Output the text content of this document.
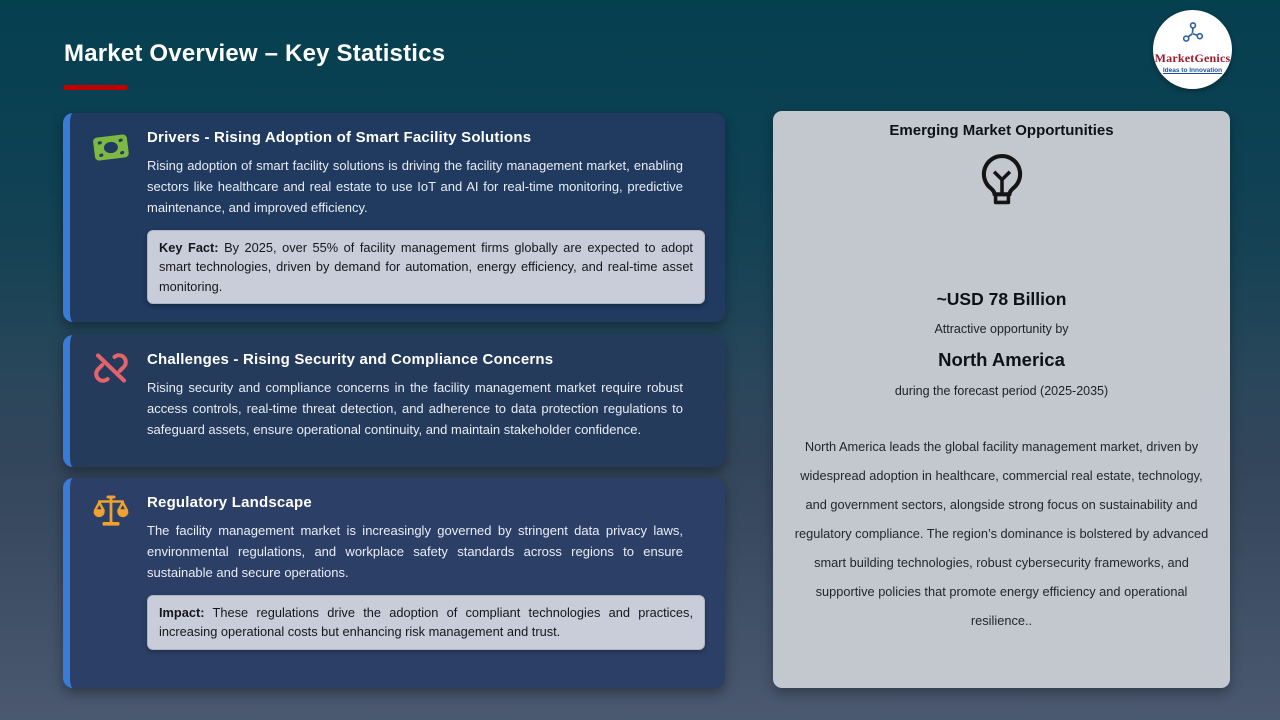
Market Overview – Key Statistics	MarketGenics
Ideas to Innovation
Drivers - Rising Adoption of Smart Facility Solutions

Rising adoption of smart facility solutions is driving the facility management market, enabling sectors like healthcare and real estate to use IoT and AI for real-time monitoring, predictive maintenance, and improved efficiency.

Key Fact: By 2025, over 55% of facility management firms globally are expected to adopt smart technologies, driven by demand for automation, energy efficiency, and real-time asset monitoring.
Challenges - Rising Security and Compliance Concerns

Rising security and compliance concerns in the facility management market require robust access controls, real-time threat detection, and adherence to data protection regulations to safeguard assets, ensure operational continuity, and maintain stakeholder confidence.

Regulatory Landscape

The facility management market is increasingly governed by stringent data privacy laws, environmental regulations, and workplace safety standards across regions to ensure sustainable and secure operations.

Impact: These regulations drive the adoption of compliant technologies and practices, increasing operational costs but enhancing risk management and trust.
Emerging Market Opportunities
~USD 78 Billion
Attractive opportunity by
North America
during the forecast period (2025-2035)

North America leads the global facility management market, driven by widespread adoption in healthcare, commercial real estate, technology, and government sectors, alongside strong focus on sustainability and regulatory compliance. The region’s dominance is bolstered by advanced smart building technologies, robust cybersecurity frameworks, and supportive policies that promote energy efficiency and operational resilience..
